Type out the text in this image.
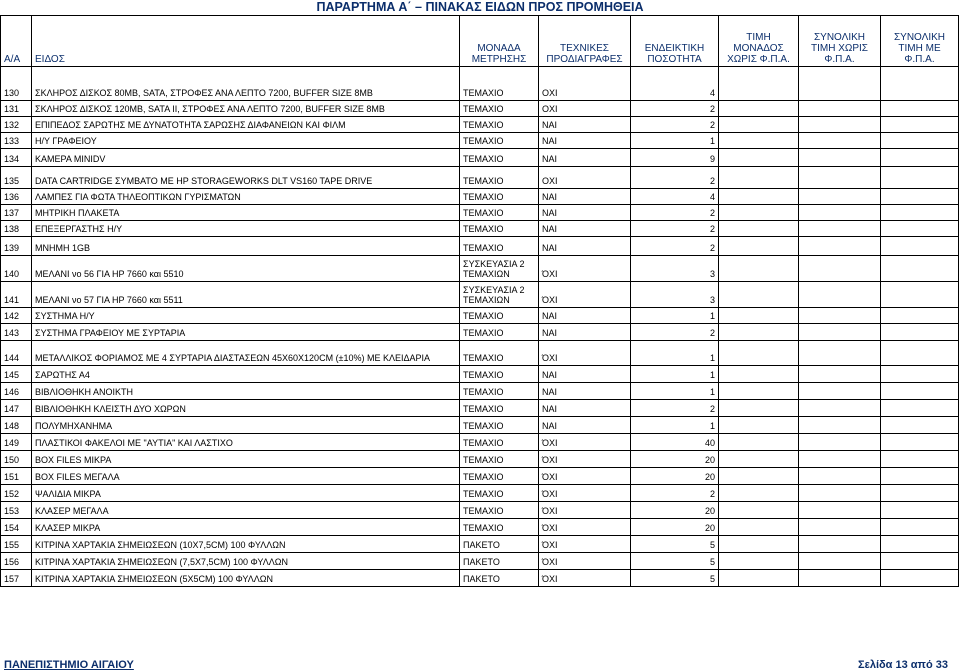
ΠΑΡΑΡΤΗΜΑ Α΄ – ΠΙΝΑΚΑΣ ΕΙΔΩΝ ΠΡΟΣ ΠΡΟΜΗΘΕΙΑ
Α/Α	ΕΙΔΟΣ	ΜΟΝΑΔΑ ΜΕΤΡΗΣΗΣ	ΤΕΧΝΙΚΕΣ ΠΡΟΔΙΑΓΡΑΦΕΣ	ΕΝΔΕΙΚΤΙΚΗ ΠΟΣΟΤΗΤΑ	ΤΙΜΗ ΜΟΝΑΔΟΣ ΧΩΡΙΣ Φ.Π.Α.	ΣΥΝΟΛΙΚΗ ΤΙΜΗ ΧΩΡΙΣ Φ.Π.Α.	ΣΥΝΟΛΙΚΗ ΤΙΜΗ ΜΕ Φ.Π.Α.
130	ΣΚΛΗΡΟΣ ΔΙΣΚΟΣ 80MB, SATA, ΣΤΡΟΦΕΣ ΑΝΑ ΛΕΠΤΟ 7200, BUFFER SIZE 8MB	ΤΕΜΑΧΙΟ	ΟΧΙ	4			
131	ΣΚΛΗΡΟΣ ΔΙΣΚΟΣ 120MB, SATA II, ΣΤΡΟΦΕΣ ΑΝΑ ΛΕΠΤΟ 7200, BUFFER SIZE 8MB	ΤΕΜΑΧΙΟ	ΟΧΙ	2			
132	ΕΠΙΠΕΔΟΣ ΣΑΡΩΤΗΣ ΜΕ ΔΥΝΑΤΟΤΗΤΑ ΣΑΡΩΣΗΣ ΔΙΑΦΑΝΕΙΩΝ ΚΑΙ ΦΙΛΜ	ΤΕΜΑΧΙΟ	ΝΑΙ	2			
133	Η/Υ ΓΡΑΦΕΙΟΥ	ΤΕΜΑΧΙΟ	ΝΑΙ	1			
134	ΚΑΜΕΡΑ MINIDV	ΤΕΜΑΧΙΟ	ΝΑΙ	9			
135	DATA CARTRIDGE ΣΥΜΒΑΤΟ ΜΕ HP STORAGEWORKS DLT VS160 TAPE DRIVE	ΤΕΜΑΧΙΟ	ΟΧΙ	2			
136	ΛΑΜΠΕΣ ΓΙΑ ΦΩΤΑ ΤΗΛΕΟΠΤΙΚΩΝ ΓΥΡΙΣΜΑΤΩΝ	ΤΕΜΑΧΙΟ	ΝΑΙ	4			
137	ΜΗΤΡΙΚΗ ΠΛΑΚΕΤΑ	ΤΕΜΑΧΙΟ	ΝΑΙ	2			
138	ΕΠΕΞΕΡΓΑΣΤΗΣ Η/Υ	ΤΕΜΑΧΙΟ	ΝΑΙ	2			
139	ΜΝΗΜΗ 1GB	ΤΕΜΑΧΙΟ	ΝΑΙ	2			
140	ΜΕΛΑΝΙ νο 56 ΓΙΑ HP 7660 και 5510	ΣΥΣΚΕΥΑΣΙΑ 2 ΤΕΜΑΧΙΩΝ	ΌΧΙ	3			
141	ΜΕΛΑΝΙ νο 57 ΓΙΑ HP 7660 και 5511	ΣΥΣΚΕΥΑΣΙΑ 2 ΤΕΜΑΧΙΩΝ	ΌΧΙ	3			
142	ΣΥΣΤΗΜΑ Η/Υ	ΤΕΜΑΧΙΟ	ΝΑΙ	1			
143	ΣΥΣΤΗΜΑ ΓΡΑΦΕΙΟΥ ΜΕ ΣΥΡΤΑΡΙΑ	ΤΕΜΑΧΙΟ	ΝΑΙ	2			
144	ΜΕΤΑΛΛΙΚΟΣ ΦΟΡΙΑΜΟΣ ΜΕ 4 ΣΥΡΤΑΡΙΑ ΔΙΑΣΤΑΣΕΩΝ 45Χ60Χ120CM (±10%) ΜΕ ΚΛΕΙΔΑΡΙΑ	ΤΕΜΑΧΙΟ	ΌΧΙ	1			
145	ΣΑΡΩΤΗΣ Α4	ΤΕΜΑΧΙΟ	ΝΑΙ	1			
146	ΒΙΒΛΙΟΘΗΚΗ ΑΝΟΙΚΤΗ	ΤΕΜΑΧΙΟ	ΝΑΙ	1			
147	ΒΙΒΛΙΟΘΗΚΗ ΚΛΕΙΣΤΗ ΔΥΟ ΧΩΡΩΝ	ΤΕΜΑΧΙΟ	ΝΑΙ	2			
148	ΠΟΛΥΜΗΧΑΝΗΜΑ	ΤΕΜΑΧΙΟ	ΝΑΙ	1			
149	ΠΛΑΣΤΙΚΟΙ ΦΑΚΕΛΟΙ ΜΕ "ΑΥΤΙΑ" ΚΑΙ ΛΑΣΤΙΧΟ	ΤΕΜΑΧΙΟ	ΌΧΙ	40			
150	BOX FILES ΜΙΚΡΑ	ΤΕΜΑΧΙΟ	ΌΧΙ	20			
151	BOX FILES ΜΕΓΑΛΑ	ΤΕΜΑΧΙΟ	ΌΧΙ	20			
152	ΨΑΛΙΔΙΑ ΜΙΚΡΑ	ΤΕΜΑΧΙΟ	ΌΧΙ	2			
153	ΚΛΑΣΕΡ ΜΕΓΑΛΑ	ΤΕΜΑΧΙΟ	ΌΧΙ	20			
154	ΚΛΑΣΕΡ ΜΙΚΡΑ	ΤΕΜΑΧΙΟ	ΌΧΙ	20			
155	ΚΙΤΡΙΝΑ ΧΑΡΤΑΚΙΑ ΣΗΜΕΙΩΣΕΩΝ (10Χ7,5CM) 100 ΦΥΛΛΩΝ	ΠΑΚΕΤΟ	ΌΧΙ	5			
156	ΚΙΤΡΙΝΑ ΧΑΡΤΑΚΙΑ ΣΗΜΕΙΩΣΕΩΝ (7,5Χ7,5CM) 100 ΦΥΛΛΩΝ	ΠΑΚΕΤΟ	ΌΧΙ	5			
157	ΚΙΤΡΙΝΑ ΧΑΡΤΑΚΙΑ ΣΗΜΕΙΩΣΕΩΝ (5Χ5CM) 100 ΦΥΛΛΩΝ	ΠΑΚΕΤΟ	ΌΧΙ	5			
ΠΑΝΕΠΙΣΤΗΜΙΟ ΑΙΓΑΙΟΥ	Σελίδα 13 από 33
